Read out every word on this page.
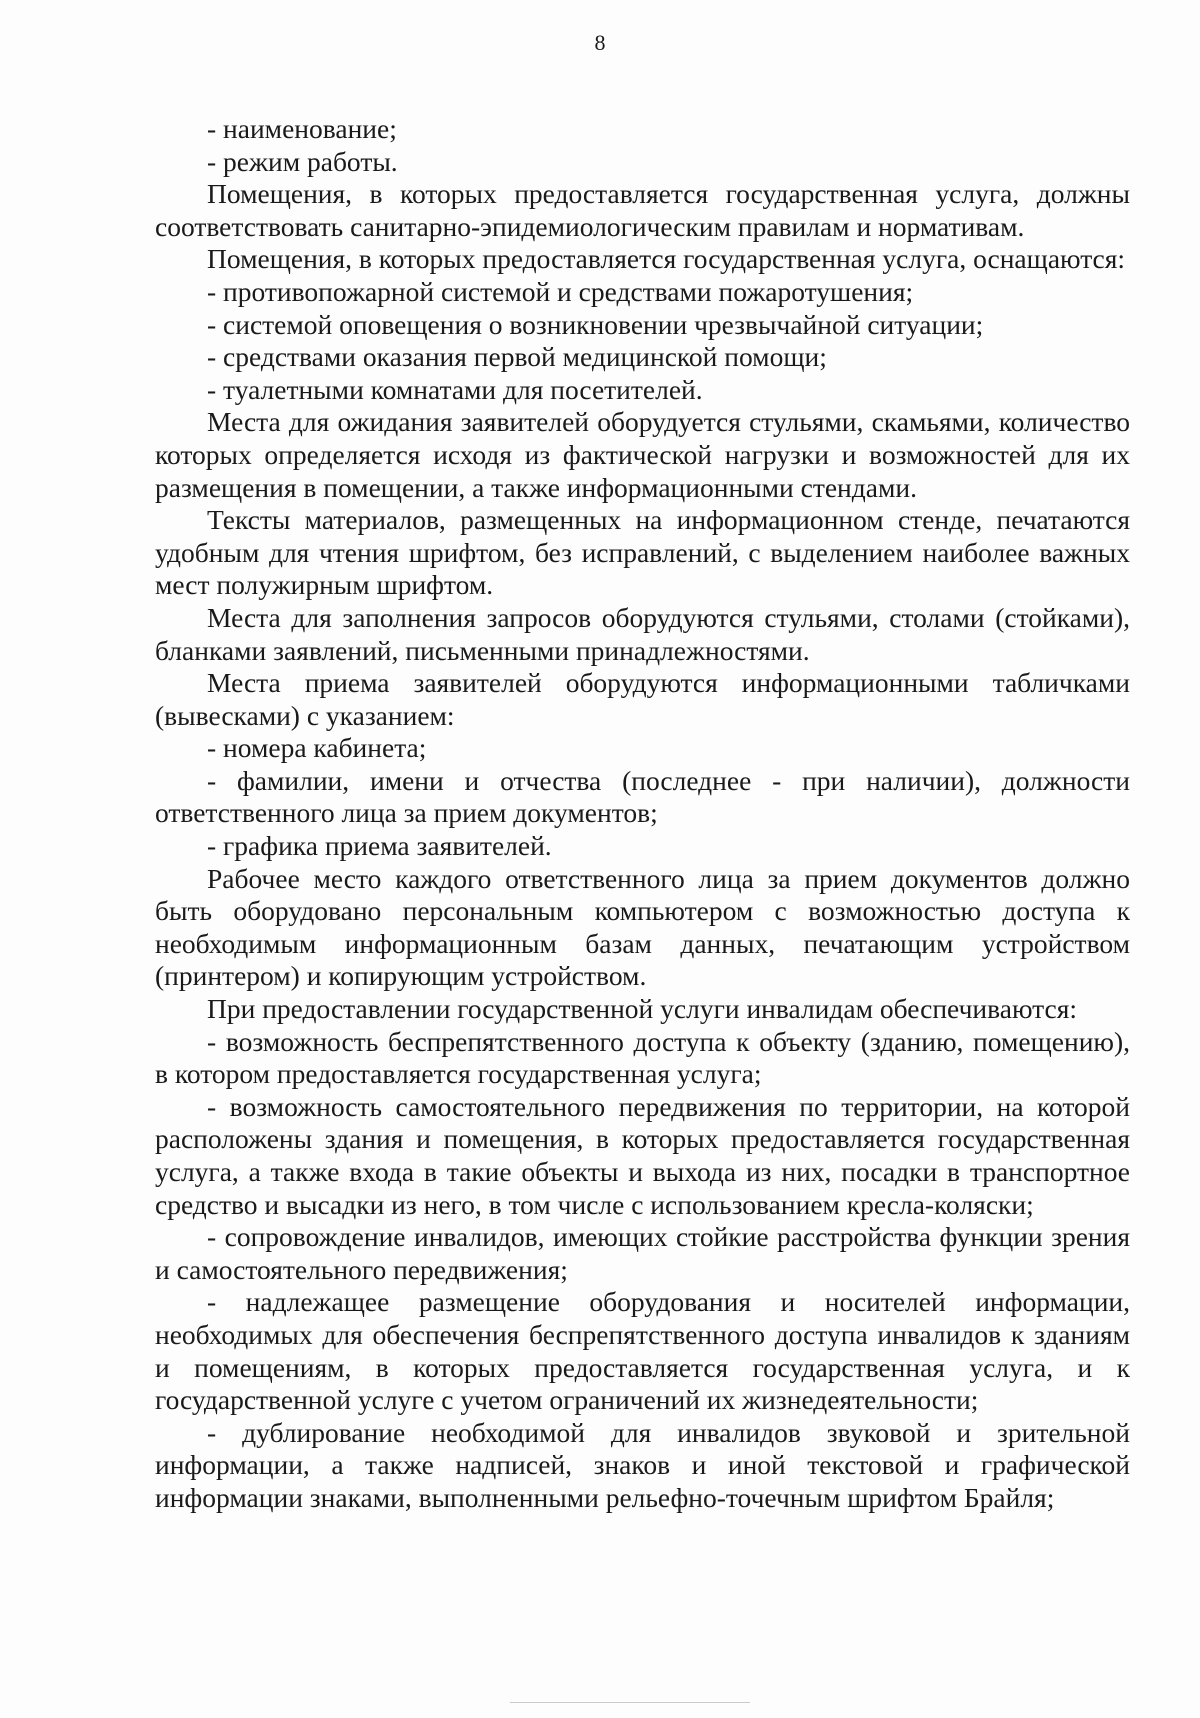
8

- наименование;

- режим работы.

Помещения, в которых предоставляется государственная услуга, должны соответствовать санитарно-эпидемиологическим правилам и нормативам.

Помещения, в которых предоставляется государственная услуга, оснащаются:

- противопожарной системой и средствами пожаротушения;

- системой оповещения о возникновении чрезвычайной ситуации;

- средствами оказания первой медицинской помощи;

- туалетными комнатами для посетителей.

Места для ожидания заявителей оборудуется стульями, скамьями, количество которых определяется исходя из фактической нагрузки и возможностей для их размещения в помещении, а также информационными стендами.

Тексты материалов, размещенных на информационном стенде, печатаются удобным для чтения шрифтом, без исправлений, с выделением наиболее важных мест полужирным шрифтом.

Места для заполнения запросов оборудуются стульями, столами (стойками), бланками заявлений, письменными принадлежностями.

Места приема заявителей оборудуются информационными табличками (вывесками) с указанием:

- номера кабинета;

- фамилии, имени и отчества (последнее - при наличии), должности ответственного лица за прием документов;

- графика приема заявителей.

Рабочее место каждого ответственного лица за прием документов должно быть оборудовано персональным компьютером с возможностью доступа к необходимым информационным базам данных, печатающим устройством (принтером) и копирующим устройством.

При предоставлении государственной услуги инвалидам обеспечиваются:

- возможность беспрепятственного доступа к объекту (зданию, помещению), в котором предоставляется государственная услуга;

- возможность самостоятельного передвижения по территории, на которой расположены здания и помещения, в которых предоставляется государственная услуга, а также входа в такие объекты и выхода из них, посадки в транспортное средство и высадки из него, в том числе с использованием кресла-коляски;

- сопровождение инвалидов, имеющих стойкие расстройства функции зрения и самостоятельного передвижения;

- надлежащее размещение оборудования и носителей информации, необходимых для обеспечения беспрепятственного доступа инвалидов к зданиям и помещениям, в которых предоставляется государственная услуга, и к государственной услуге с учетом ограничений их жизнедеятельности;

- дублирование необходимой для инвалидов звуковой и зрительной информации, а также надписей, знаков и иной текстовой и графической информации знаками, выполненными рельефно-точечным шрифтом Брайля;
